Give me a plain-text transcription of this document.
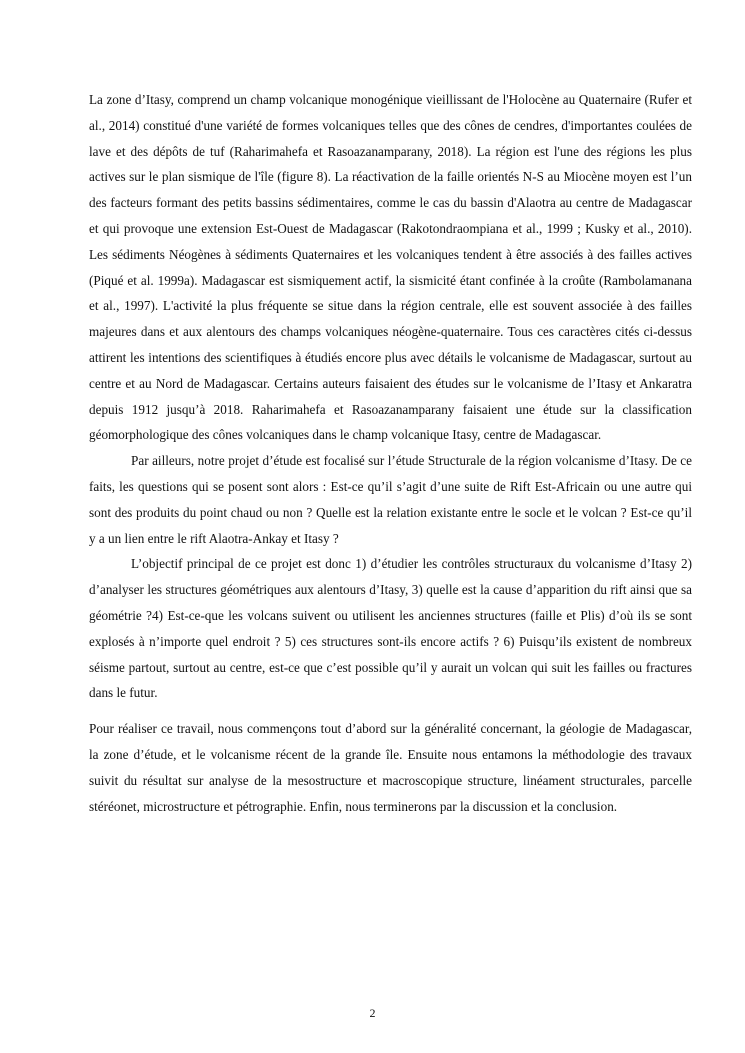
La zone d’Itasy, comprend un champ volcanique monogénique vieillissant de l'Holocène au Quaternaire (Rufer et al., 2014) constitué d'une variété de formes volcaniques telles que des cônes de cendres, d'importantes coulées de lave et des dépôts de tuf (Raharimahefa et Rasoazanamparany, 2018). La région est l'une des régions les plus actives sur le plan sismique de l'île (figure 8). La réactivation de la faille orientés N-S au Miocène moyen est l’un des facteurs formant des petits bassins sédimentaires, comme le cas du bassin d'Alaotra au centre de Madagascar et qui provoque une extension Est-Ouest de Madagascar (Rakotondraompiana et al., 1999 ; Kusky et al., 2010). Les sédiments Néogènes à sédiments Quaternaires et les volcaniques tendent à être associés à des failles actives (Piqué et al. 1999a). Madagascar est sismiquement actif, la sismicité étant confinée à la croûte (Rambolamanana et al., 1997). L'activité la plus fréquente se situe dans la région centrale, elle est souvent associée à des failles majeures dans et aux alentours des champs volcaniques néogène-quaternaire. Tous ces caractères cités ci-dessus attirent les intentions des scientifiques à étudiés encore plus avec détails le volcanisme de Madagascar, surtout au centre et au Nord de Madagascar. Certains auteurs faisaient des études sur le volcanisme de l’Itasy et Ankaratra depuis 1912 jusqu’à 2018. Raharimahefa et Rasoazanamparany faisaient une étude sur la classification géomorphologique des cônes volcaniques dans le champ volcanique Itasy, centre de Madagascar.

Par ailleurs, notre projet d’étude est focalisé sur l’étude Structurale de la région volcanisme d’Itasy. De ce faits, les questions qui se posent sont alors : Est-ce qu’il s’agit d’une suite de Rift Est-Africain ou une autre qui sont des produits du point chaud ou non ? Quelle est la relation existante entre le socle et le volcan ? Est-ce qu’il y a un lien entre le rift Alaotra-Ankay et Itasy ?

L’objectif principal de ce projet est donc 1) d’étudier les contrôles structuraux du volcanisme d’Itasy 2) d’analyser les structures géométriques aux alentours d’Itasy, 3) quelle est la cause d’apparition du rift ainsi que sa géométrie ?4) Est-ce-que les volcans suivent ou utilisent les anciennes structures (faille et Plis) d’où ils se sont explosés à n’importe quel endroit ? 5) ces structures sont-ils encore actifs ? 6) Puisqu’ils existent de nombreux séisme partout, surtout au centre, est-ce que c’est possible qu’il y aurait un volcan qui suit les failles ou fractures dans le futur.

Pour réaliser ce travail, nous commençons tout d’abord sur la généralité concernant, la géologie de Madagascar, la zone d’étude, et le volcanisme récent de la grande île. Ensuite nous entamons la méthodologie des travaux suivit du résultat sur analyse de la mesostructure et macroscopique structure, linéament structurales, parcelle stéréonet, microstructure et pétrographie. Enfin, nous terminerons par la discussion et la conclusion.

2
